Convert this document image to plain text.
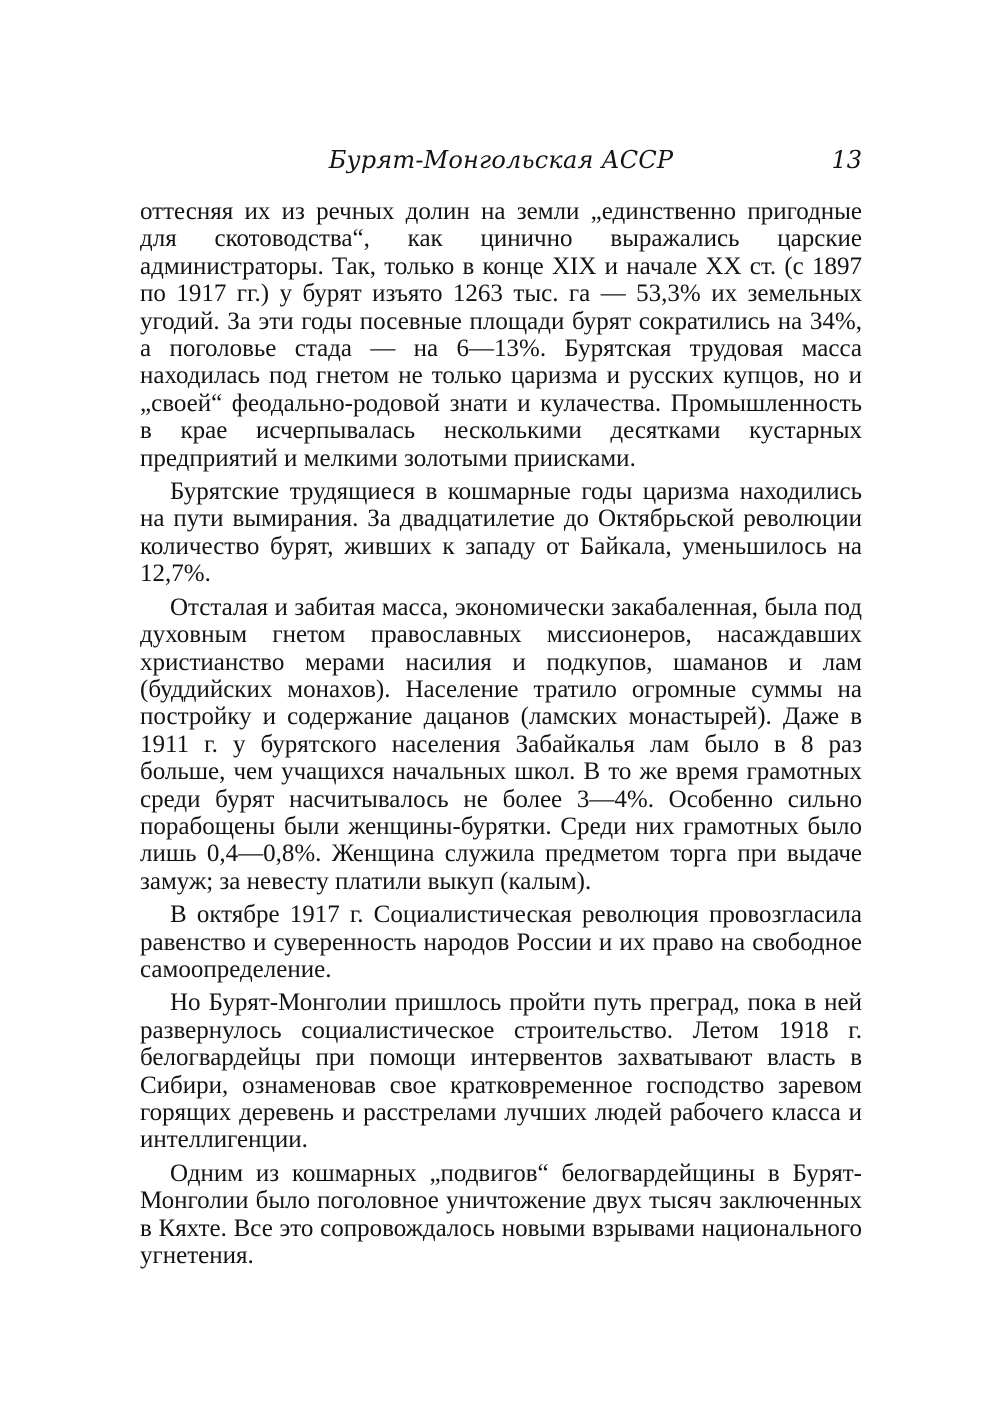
Бурят-Монгольская АССР	13

оттесняя их из речных долин на земли „единственно пригодные для скотоводства“, как цинично выражались царские администраторы. Так, только в конце XIX и начале XX ст. (с 1897 по 1917 гг.) у бурят изъято 1263 тыс. га — 53,3% их земельных угодий. За эти годы посевные площади бурят сократились на 34%, а поголовье стада — на 6—13%. Бурятская трудовая масса находилась под гнетом не только царизма и русских купцов, но и „своей“ феодально-родовой знати и кулачества. Промышленность в крае исчерпывалась несколькими десятками кустарных предприятий и мелкими золотыми приисками.

Бурятские трудящиеся в кошмарные годы царизма находились на пути вымирания. За двадцатилетие до Октябрьской революции количество бурят, живших к западу от Байкала, уменьшилось на 12,7%.

Отсталая и забитая масса, экономически закабаленная, была под духовным гнетом православных миссионеров, насаждавших христианство мерами насилия и подкупов, шаманов и лам (буддийских монахов). Население тратило огромные суммы на постройку и содержание дацанов (ламских монастырей). Даже в 1911 г. у бурятского населения Забайкалья лам было в 8 раз больше, чем учащихся начальных школ. В то же время грамотных среди бурят насчитывалось не более 3—4%. Особенно сильно порабощены были женщины-бурятки. Среди них грамотных было лишь 0,4—0,8%. Женщина служила предметом торга при выдаче замуж; за невесту платили выкуп (калым).

В октябре 1917 г. Социалистическая революция провозгласила равенство и суверенность народов России и их право на свободное самоопределение.

Но Бурят-Монголии пришлось пройти путь преград, пока в ней развернулось социалистическое строительство. Летом 1918 г. белогвардейцы при помощи интервентов захватывают власть в Сибири, ознаменовав свое кратковременное господство заревом горящих деревень и расстрелами лучших людей рабочего класса и интеллигенции.

Одним из кошмарных „подвигов“ белогвардейщины в Бурят-Монголии было поголовное уничтожение двух тысяч заключенных в Кяхте. Все это сопровождалось новыми взрывами национального угнетения.
